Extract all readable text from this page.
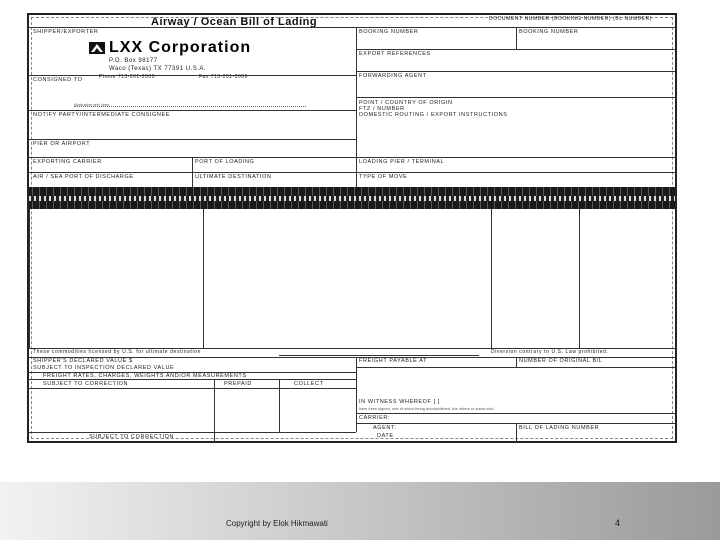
Airway / Ocean Bill of Lading	DOCUMENT NUMBER (BOOKING NUMBER) (BL NUMBER)
SHIPPER/EXPORTER
LXX Corporation
P.O. Box 98177
Waco (Texas) TX 77391 U.S.A.
Phone 713-201-2000	Fax 713-201-2000
BOOKING NUMBER	BOOKING NUMBER
EXPORT REFERENCES
CONSIGNED TO
FORWARDING AGENT
Illustrative text lines
NOTIFY PARTY/INTERMEDIATE CONSIGNEE
POINT / COUNTRY OF ORIGIN
FTZ / NUMBER
DOMESTIC ROUTING / EXPORT INSTRUCTIONS
PIER OR AIRPORT
EXPORTING CARRIER	PORT OF LOADING	LOADING PIER / TERMINAL
AIR / SEA PORT OF DISCHARGE	ULTIMATE DESTINATION	TYPE OF MOVE
These commodities licensed by U.S. for ultimate destination	Diversion contrary to U.S. Law prohibited.
SHIPPER'S DECLARED VALUE $	FREIGHT PAYABLE AT	NUMBER OF ORIGINAL B/L
SUBJECT TO INSPECTION DECLARED VALUE
FREIGHT RATES, CHARGES, WEIGHTS AND/OR MEASUREMENTS
SUBJECT TO CORRECTION	PREPAID	COLLECT
IN WITNESS WHEREOF [ ]
have been signed, one of which being accomplished, the others to stand void.
CARRIER:
AGENT:	BILL OF LADING NUMBER
DATE
SUBJECT TO CORRECTION
Copyright by Elok Hikmawati	4
